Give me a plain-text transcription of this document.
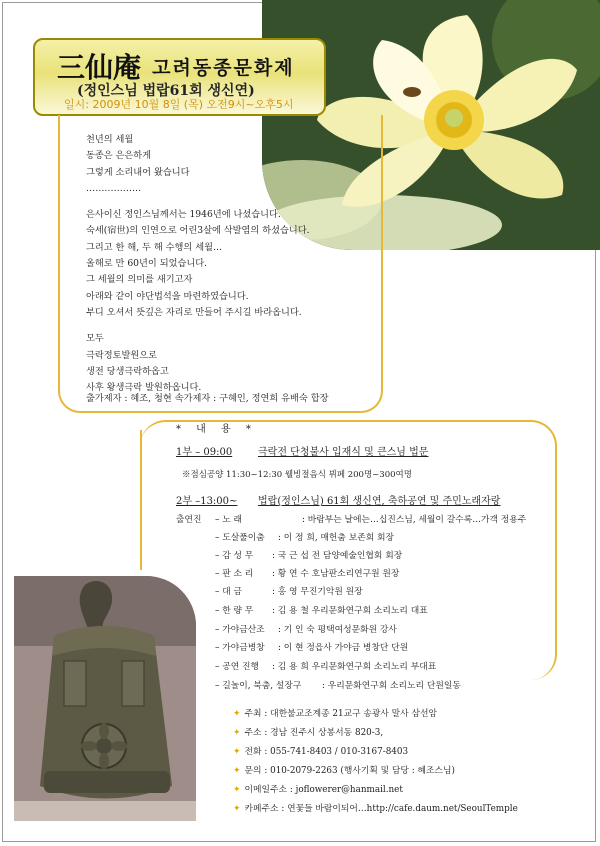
三仙庵 고려동종문화제
(정인스님 법랍61회 생신연)
일시: 2009년 10월 8일 (목) 오전9시~오후5시
천년의 세월
동종은 은은하게
그렇게 소리내어 왔습니다
………………
은사이신 정인스님께서는 1946년에 나셨습니다.
숙세(宿世)의 인연으로 어린3살에 삭발염의 하셨습니다.
그리고 한 해, 두 해 수행의 세월…
올해로 만 60년이 되었습니다.
그 세월의 의미를 새기고자
아래와 같이 야단법석을 마련하였습니다.
부디 오셔서 뜻깊은 자리로 만들어 주시길 바라옵니다.
모두
극락정토발원으로
생전 당생극락하옵고
사후 왕생극락 발원하옵니다.
출가제자 : 혜조, 청현 속가제자 : 구혜인, 정연희 유배숙 합장
* 내 용 *
1부 – 09:00	극락전 단청불사 입재식 및 큰스님 법문
※점심공양 11:30~12:30 웰빙절음식 뷔페 200명~300여명
2부 –13:00~ 법랍(정인스님) 61회 생신연, 축하공연 및 주민노래자랑
출연진 – 노 래	: 바람부는 날에는…십진스님, 세월이 갈수록…가객 정용주
– 도살풀이춤 : 이 정 희, 매헌춤 보존회 회장
– 감 성 무 : 국 근 섭 전 담양예술인협회 회장
– 판 소 리 : 황 연 수 호남판소리연구원 원장
– 대 금	: 홍 영 무진기악원 원장
– 한 량 무 : 김 용 철 우리문화연구회 소리노리 대표
– 가야금산조 : 기 인 숙 평택여성문화원 강사
– 가야금병창 : 이 현 정읍사 가야금 병창단 단원
– 공연 진행 : 김 용 희 우리문화연구회 소리노리 부대표
– 길놀이, 북춤, 설장구 : 우리문화연구회 소리노리 단원일동
✦ 주최 : 대한불교조계종 21교구 송광사 말사 삼선암
✦ 주소 : 경남 진주시 상봉서동 820-3,
✦ 전화 : 055-741-8403 / 010-3167-8403
✦ 문의 : 010-2079-2263 (행사기획 및 담당 : 혜조스님)
✦ 이메일주소 : joflowerer@hanmail.net
✦ 카페주소 : 연꽃들 바람이되어…http://cafe.daum.net/SeoulTemple
